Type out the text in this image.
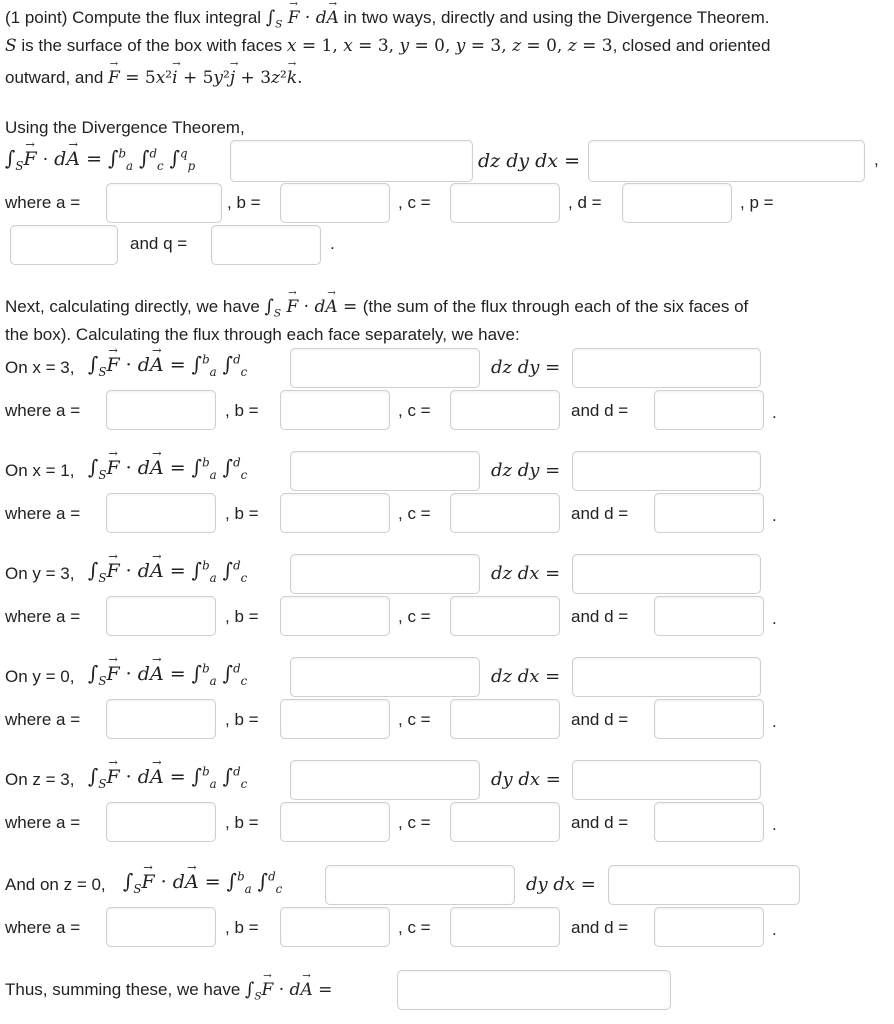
(1 point) Compute the flux integral $\int_S \to F \cdot d\to A$ in two ways, directly and using the Divergence Theorem.
S is the surface of the box with faces x = 1, x = 3, y = 0, y = 3, z = 0, z = 3, closed and oriented
outward, and → F = 5x²→ i + 5y²→ j + 3z²→ k.
Using the Divergence Theorem,
$\int_S\to F \cdot d\to A = \int^b_a$ ∫$^d_c$ ∫$^q_p$	dz dy dx =	,
where a =	, b =	, c =	, d =	, p =
and q =	.
Next, calculating directly, we have $\int_S \to F \cdot d\to A = (the$ sum of the flux through each of the six faces of
the box). Calculating the flux through each face separately, we have:
On x = 3, $\int_S\to F \cdot d\to A = \int^b_a$ ∫$^d_c$	dz dy =
where a =	, b =	, c =	and d =	.
On x = 1, $\int_S\to F \cdot d\to A = \int^b_a$ ∫$^d_c$	dz dy =
where a =	, b =	, c =	and d =	.
On y = 3, $\int_S\to F \cdot d\to A = \int^b_a$ ∫$^d_c$	dz dx =
where a =	, b =	, c =	and d =	.
On y = 0, $\int_S\to F \cdot d\to A = \int^b_a$ ∫$^d_c$	dz dx =
where a =	, b =	, c =	and d =	.
On z = 3, $\int_S\to F \cdot d\to A = \int^b_a$ ∫$^d_c$	dy dx =
where a =	, b =	, c =	and d =	.
And on z = 0, $\int_S\to F \cdot d\to A = \int^b_a$ ∫$^d_c$	dy dx =
where a =	, b =	, c =	and d =	.
Thus, summing these, we have $\int_S\to F \cdot d\to A$ =
